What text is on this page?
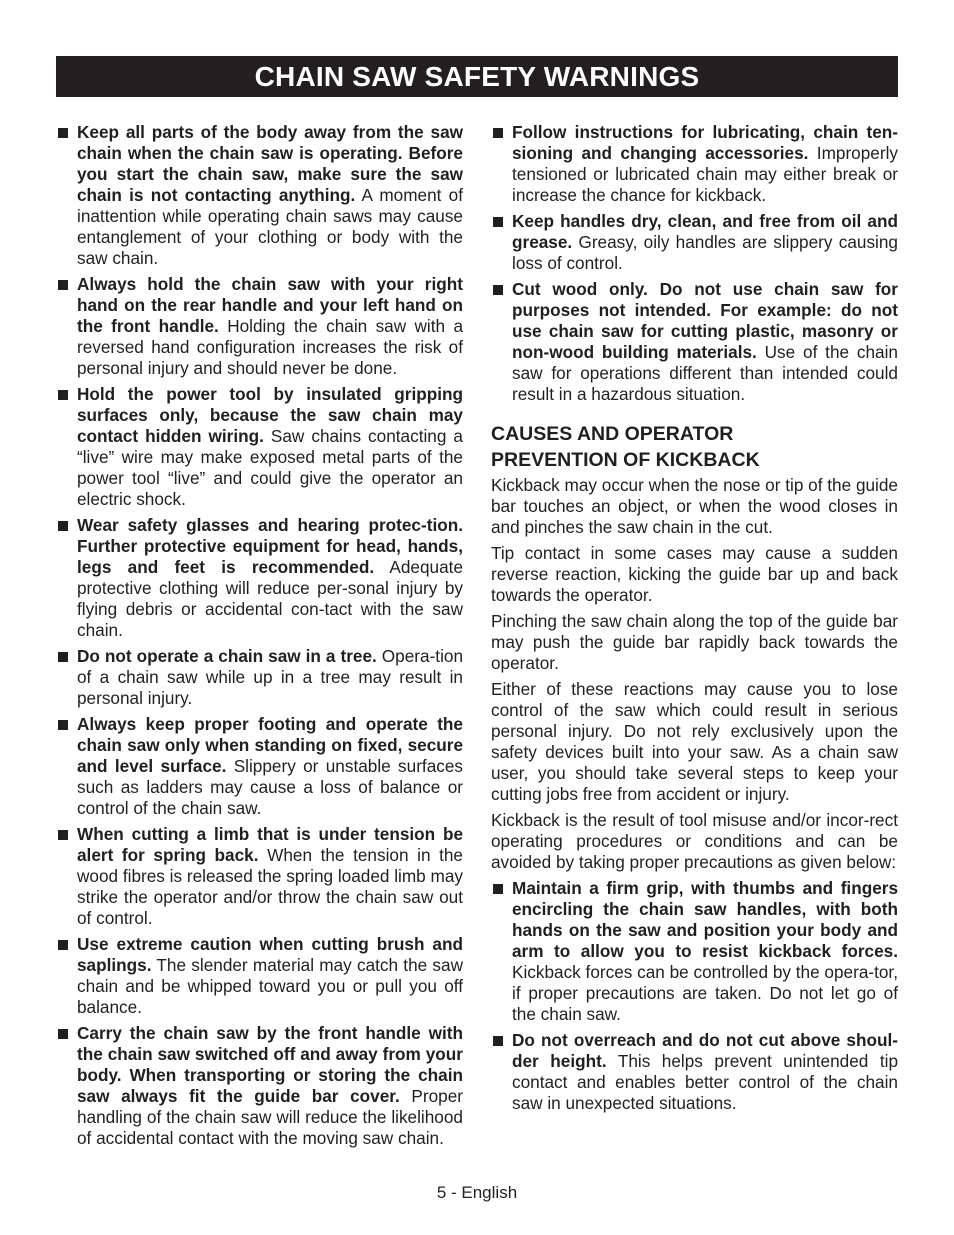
CHAIN SAW SAFETY WARNINGS
Keep all parts of the body away from the saw chain when the chain saw is operating. Before you start the chain saw, make sure the saw chain is not contacting anything. A moment of inattention while operating chain saws may cause entanglement of your clothing or body with the saw chain.
Always hold the chain saw with your right hand on the rear handle and your left hand on the front handle. Holding the chain saw with a reversed hand configuration increases the risk of personal injury and should never be done.
Hold the power tool by insulated gripping surfaces only, because the saw chain may contact hidden wiring. Saw chains contacting a “live” wire may make exposed metal parts of the power tool “live” and could give the operator an electric shock.
Wear safety glasses and hearing protec-tion. Further protective equipment for head, hands, legs and feet is recommended. Adequate protective clothing will reduce per-sonal injury by flying debris or accidental con-tact with the saw chain.
Do not operate a chain saw in a tree. Opera-tion of a chain saw while up in a tree may result in personal injury.
Always keep proper footing and operate the chain saw only when standing on fixed, secure and level surface. Slippery or unstable surfaces such as ladders may cause a loss of balance or control of the chain saw.
When cutting a limb that is under tension be alert for spring back. When the tension in the wood fibres is released the spring loaded limb may strike the operator and/or throw the chain saw out of control.
Use extreme caution when cutting brush and saplings. The slender material may catch the saw chain and be whipped toward you or pull you off balance.
Carry the chain saw by the front handle with the chain saw switched off and away from your body. When transporting or storing the chain saw always fit the guide bar cover. Proper handling of the chain saw will reduce the likelihood of accidental contact with the moving saw chain.
Follow instructions for lubricating, chain ten-sioning and changing accessories. Improperly tensioned or lubricated chain may either break or increase the chance for kickback.
Keep handles dry, clean, and free from oil and grease. Greasy, oily handles are slippery causing loss of control.
Cut wood only. Do not use chain saw for purposes not intended. For example: do not use chain saw for cutting plastic, masonry or non-wood building materials. Use of the chain saw for operations different than intended could result in a hazardous situation.
CAUSES AND OPERATOR
PREVENTION OF KICKBACK

Kickback may occur when the nose or tip of the guide bar touches an object, or when the wood closes in and pinches the saw chain in the cut.

Tip contact in some cases may cause a sudden reverse reaction, kicking the guide bar up and back towards the operator.

Pinching the saw chain along the top of the guide bar may push the guide bar rapidly back towards the operator.

Either of these reactions may cause you to lose control of the saw which could result in serious personal injury. Do not rely exclusively upon the safety devices built into your saw. As a chain saw user, you should take several steps to keep your cutting jobs free from accident or injury.

Kickback is the result of tool misuse and/or incor-rect operating procedures or conditions and can be avoided by taking proper precautions as given below:

Maintain a firm grip, with thumbs and fingers encircling the chain saw handles, with both hands on the saw and position your body and arm to allow you to resist kickback forces. Kickback forces can be controlled by the opera-tor, if proper precautions are taken. Do not let go of the chain saw.
Do not overreach and do not cut above shoul-der height. This helps prevent unintended tip contact and enables better control of the chain saw in unexpected situations.
5 - English
